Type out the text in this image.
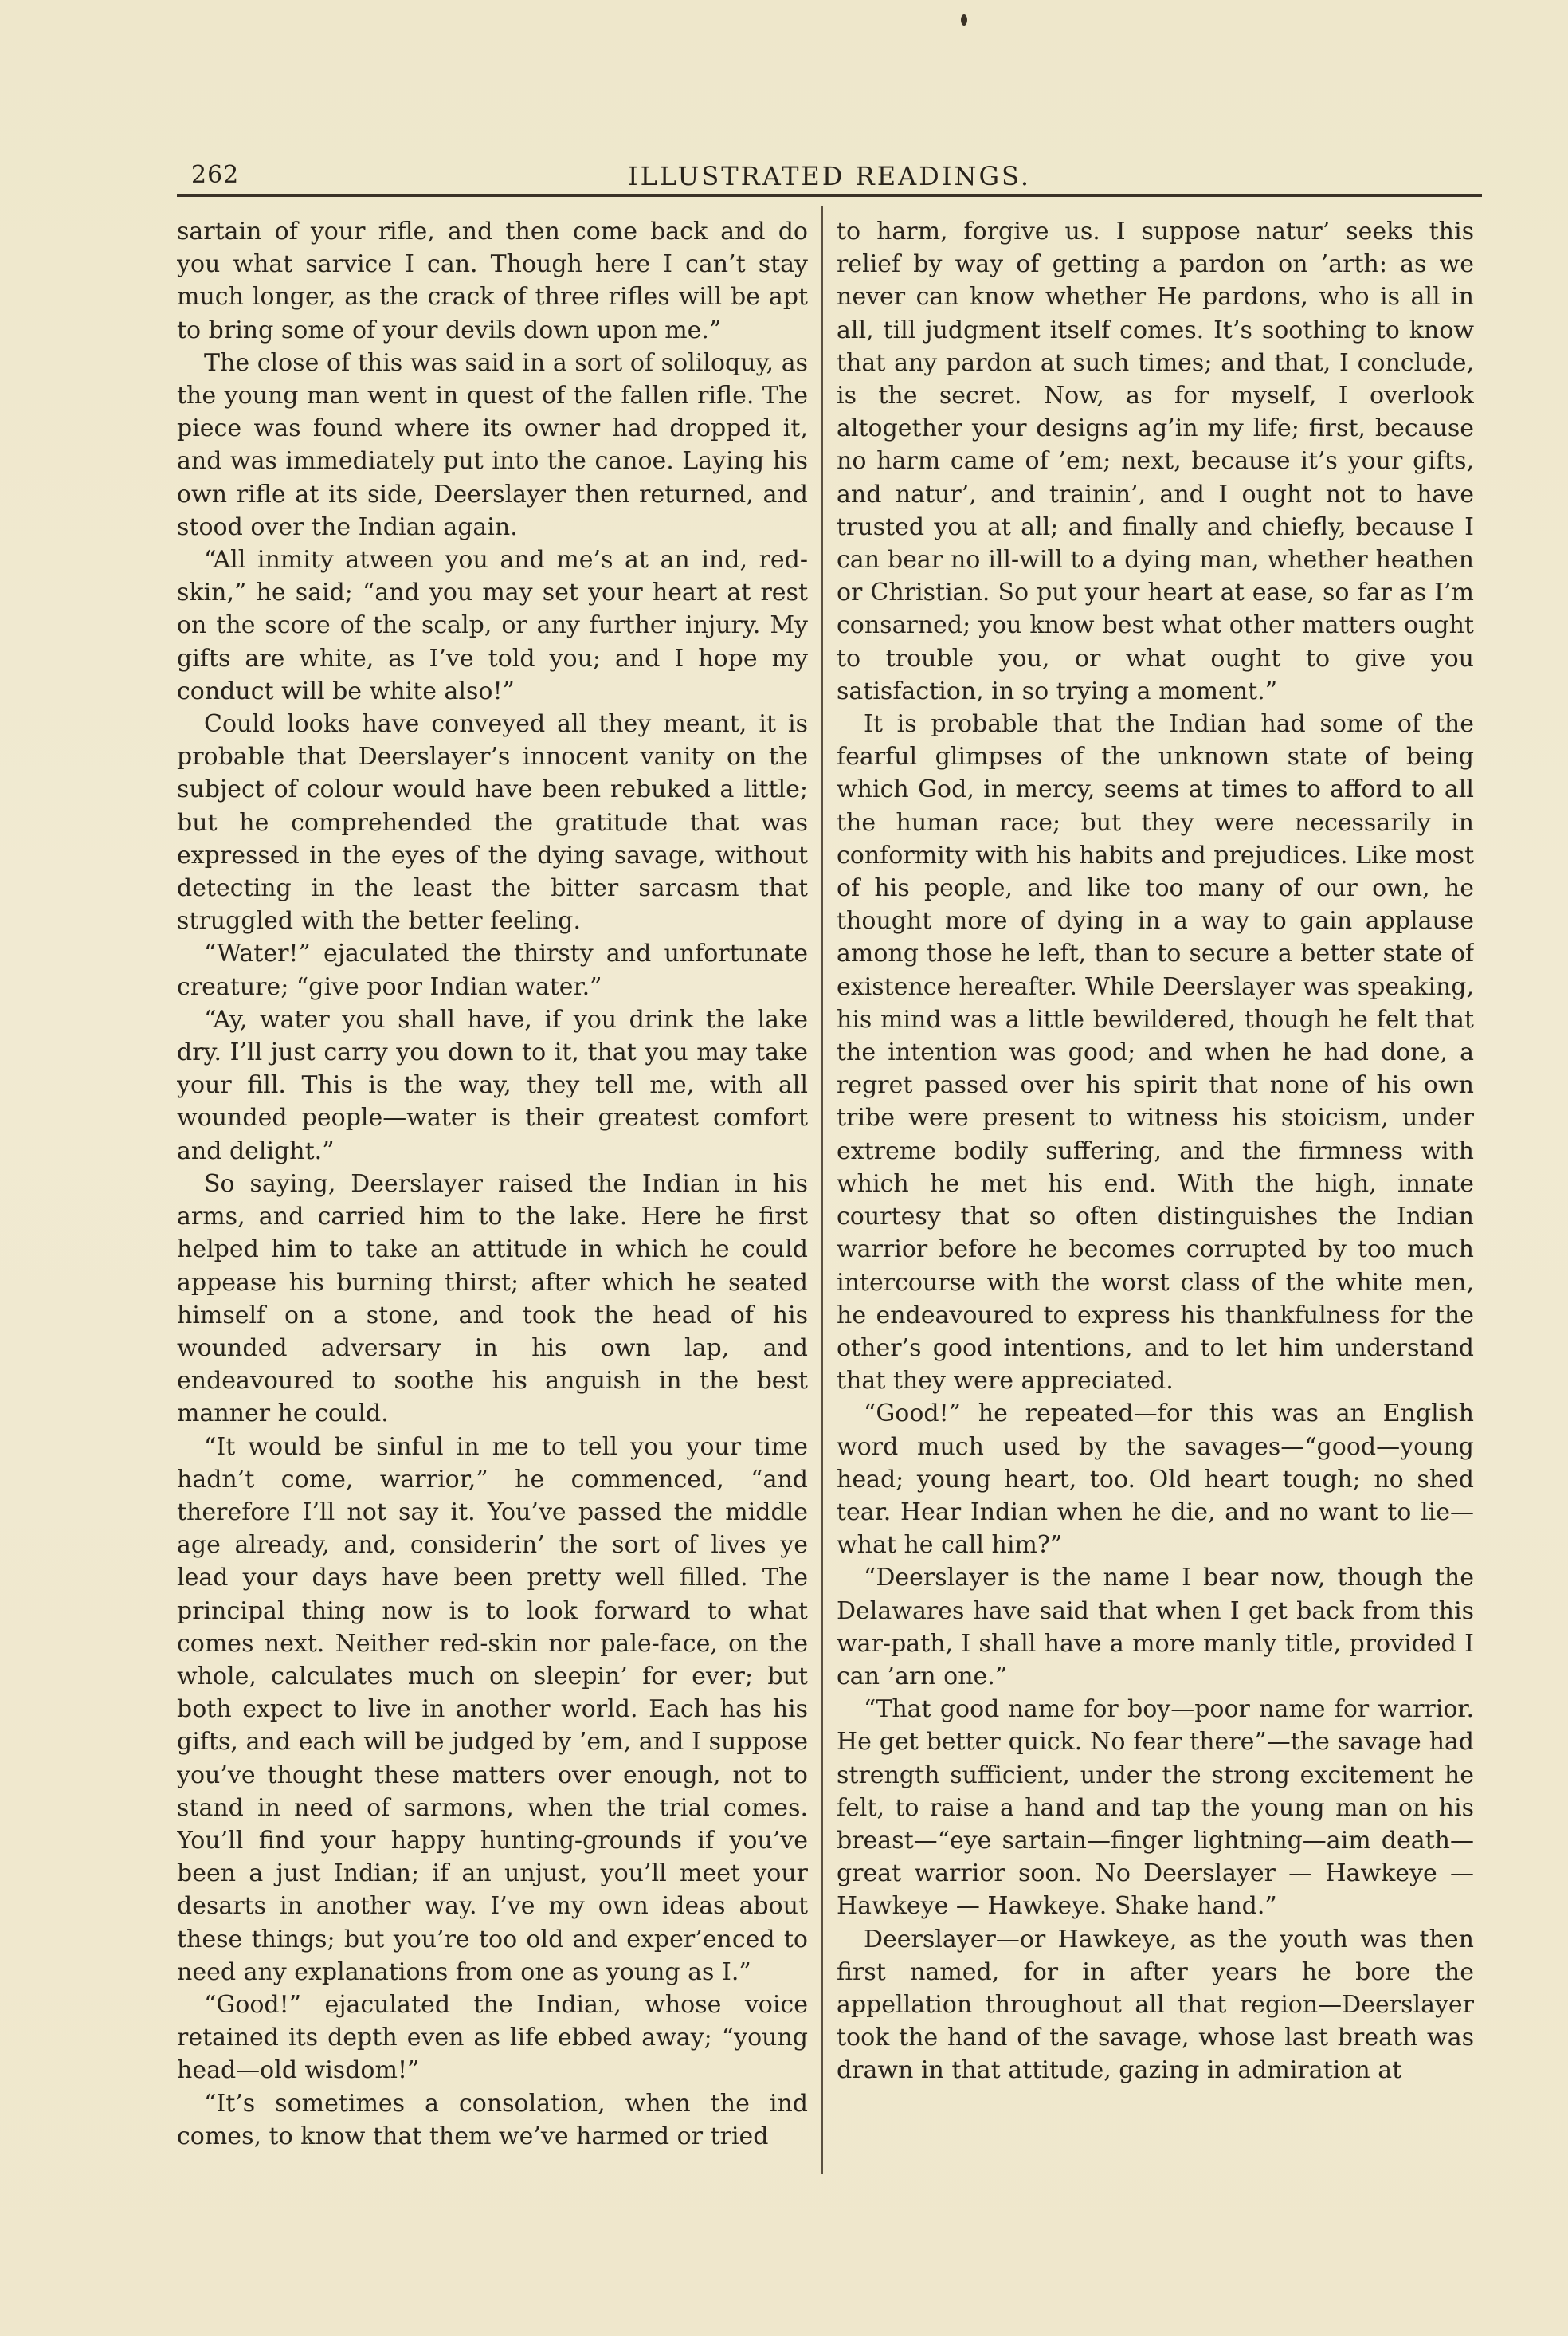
262	ILLUSTRATED READINGS.

sartain of your rifle, and then come back and do you what sarvice I can. Though here I can’t stay much longer, as the crack of three rifles will be apt to bring some of your devils down upon me.”

The close of this was said in a sort of soliloquy, as the young man went in quest of the fallen rifle. The piece was found where its owner had dropped it, and was immediately put into the canoe. Laying his own rifle at its side, Deerslayer then returned, and stood over the Indian again.

“All inmity atween you and me’s at an ind, red-skin,” he said; “and you may set your heart at rest on the score of the scalp, or any further injury. My gifts are white, as I’ve told you; and I hope my conduct will be white also!”

Could looks have conveyed all they meant, it is probable that Deerslayer’s innocent vanity on the subject of colour would have been rebuked a little; but he comprehended the gratitude that was expressed in the eyes of the dying savage, without detecting in the least the bitter sarcasm that struggled with the better feeling.

“Water!” ejaculated the thirsty and unfortunate creature; “give poor Indian water.”

“Ay, water you shall have, if you drink the lake dry. I’ll just carry you down to it, that you may take your fill. This is the way, they tell me, with all wounded people—water is their greatest comfort and delight.”

So saying, Deerslayer raised the Indian in his arms, and carried him to the lake. Here he first helped him to take an attitude in which he could appease his burning thirst; after which he seated himself on a stone, and took the head of his wounded adversary in his own lap, and endeavoured to soothe his anguish in the best manner he could.

“It would be sinful in me to tell you your time hadn’t come, warrior,” he commenced, “and therefore I’ll not say it. You’ve passed the middle age already, and, considerin’ the sort of lives ye lead your days have been pretty well filled. The principal thing now is to look forward to what comes next. Neither red-skin nor pale-face, on the whole, calculates much on sleepin’ for ever; but both expect to live in another world. Each has his gifts, and each will be judged by ’em, and I suppose you’ve thought these matters over enough, not to stand in need of sarmons, when the trial comes. You’ll find your happy hunting-grounds if you’ve been a just Indian; if an unjust, you’ll meet your desarts in another way. I’ve my own ideas about these things; but you’re too old and exper’enced to need any explanations from one as young as I.”

“Good!” ejaculated the Indian, whose voice retained its depth even as life ebbed away; “young head—old wisdom!”

“It’s sometimes a consolation, when the ind comes, to know that them we’ve harmed or tried

to harm, forgive us. I suppose natur’ seeks this relief by way of getting a pardon on ’arth: as we never can know whether He pardons, who is all in all, till judgment itself comes. It’s soothing to know that any pardon at such times; and that, I conclude, is the secret. Now, as for myself, I overlook altogether your designs ag’in my life; first, because no harm came of ’em; next, because it’s your gifts, and natur’, and trainin’, and I ought not to have trusted you at all; and finally and chiefly, because I can bear no ill-will to a dying man, whether heathen or Christian. So put your heart at ease, so far as I’m consarned; you know best what other matters ought to trouble you, or what ought to give you satisfaction, in so trying a moment.”

It is probable that the Indian had some of the fearful glimpses of the unknown state of being which God, in mercy, seems at times to afford to all the human race; but they were necessarily in conformity with his habits and prejudices. Like most of his people, and like too many of our own, he thought more of dying in a way to gain applause among those he left, than to secure a better state of existence hereafter. While Deerslayer was speaking, his mind was a little bewildered, though he felt that the intention was good; and when he had done, a regret passed over his spirit that none of his own tribe were present to witness his stoicism, under extreme bodily suffering, and the firmness with which he met his end. With the high, innate courtesy that so often distinguishes the Indian warrior before he becomes corrupted by too much intercourse with the worst class of the white men, he endeavoured to express his thankfulness for the other’s good intentions, and to let him understand that they were appreciated.

“Good!” he repeated—for this was an English word much used by the savages—“good—young head; young heart, too. Old heart tough; no shed tear. Hear Indian when he die, and no want to lie—what he call him?”

“Deerslayer is the name I bear now, though the Delawares have said that when I get back from this war-path, I shall have a more manly title, provided I can ’arn one.”

“That good name for boy—poor name for warrior. He get better quick. No fear there”—the savage had strength sufficient, under the strong excitement he felt, to raise a hand and tap the young man on his breast—“eye sartain—finger lightning—aim death—great warrior soon. No Deerslayer — Hawkeye — Hawkeye — Hawkeye. Shake hand.”

Deerslayer—or Hawkeye, as the youth was then first named, for in after years he bore the appellation throughout all that region—Deerslayer took the hand of the savage, whose last breath was drawn in that attitude, gazing in admiration at
